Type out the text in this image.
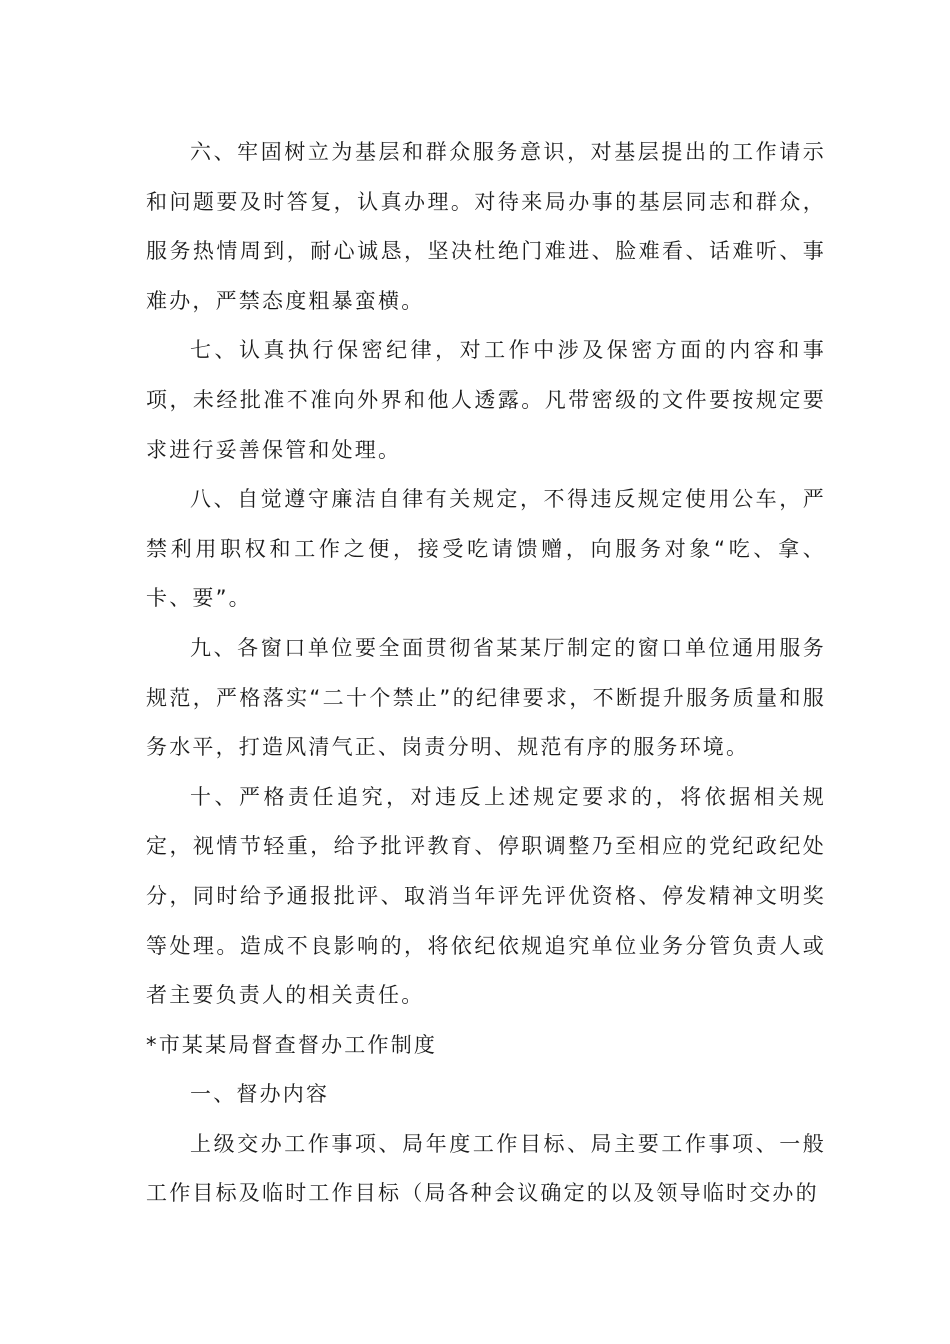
六、牢固树立为基层和群众服务意识，对基层提出的工作请示和问题要及时答复，认真办理。对待来局办事的基层同志和群众，服务热情周到，耐心诚恳，坚决杜绝门难进、脸难看、话难听、事难办，严禁态度粗暴蛮横。

七、认真执行保密纪律，对工作中涉及保密方面的内容和事项，未经批准不准向外界和他人透露。凡带密级的文件要按规定要求进行妥善保管和处理。

八、自觉遵守廉洁自律有关规定，不得违反规定使用公车，严禁利用职权和工作之便，接受吃请馈赠，向服务对象“吃、拿、卡、要”。

九、各窗口单位要全面贯彻省某某厅制定的窗口单位通用服务规范，严格落实“二十个禁止”的纪律要求，不断提升服务质量和服务水平，打造风清气正、岗责分明、规范有序的服务环境。

十、严格责任追究，对违反上述规定要求的，将依据相关规定，视情节轻重，给予批评教育、停职调整乃至相应的党纪政纪处分，同时给予通报批评、取消当年评先评优资格、停发精神文明奖等处理。造成不良影响的，将依纪依规追究单位业务分管负责人或者主要负责人的相关责任。

*市某某局督查督办工作制度

一、督办内容

上级交办工作事项、局年度工作目标、局主要工作事项、一般工作目标及临时工作目标（局各种会议确定的以及领导临时交办的
